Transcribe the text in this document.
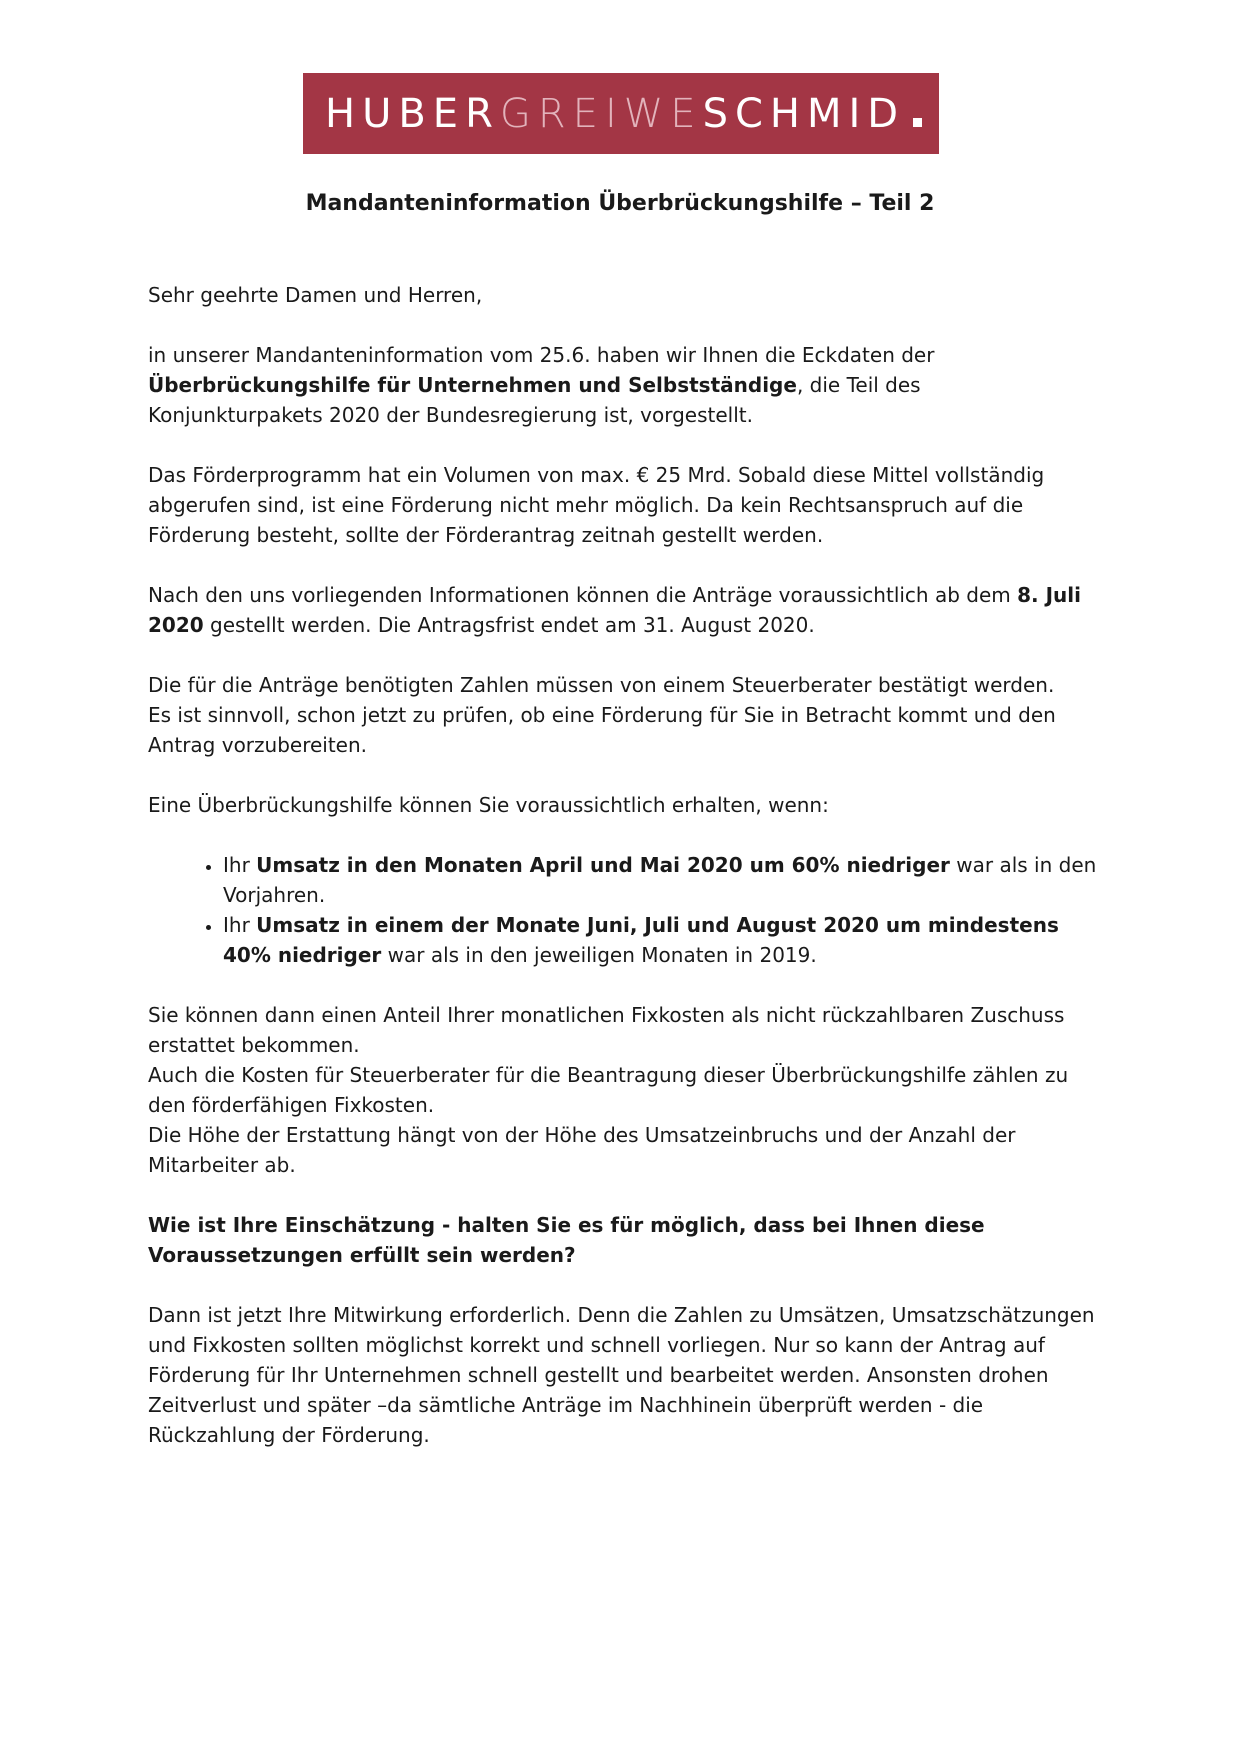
HUBERGREIWESCHMID
Mandanteninformation Überbrückungshilfe – Teil 2

Sehr geehrte Damen und Herren,

in unserer Mandanteninformation vom 25.6. haben wir Ihnen die Eckdaten der
Überbrückungshilfe für Unternehmen und Selbstständige, die Teil des Konjunkturpakets 2020 der Bundesregierung ist, vorgestellt.

Das Förderprogramm hat ein Volumen von max. € 25 Mrd. Sobald diese Mittel vollständig abgerufen sind, ist eine Förderung nicht mehr möglich. Da kein Rechtsanspruch auf die Förderung besteht, sollte der Förderantrag zeitnah gestellt werden.

Nach den uns vorliegenden Informationen können die Anträge voraussichtlich ab dem 8. Juli 2020 gestellt werden. Die Antragsfrist endet am 31. August 2020.

Die für die Anträge benötigten Zahlen müssen von einem Steuerberater bestätigt werden.
Es ist sinnvoll, schon jetzt zu prüfen, ob eine Förderung für Sie in Betracht kommt und den Antrag vorzubereiten.

Eine Überbrückungshilfe können Sie voraussichtlich erhalten, wenn:

• Ihr Umsatz in den Monaten April und Mai 2020 um 60% niedriger war als in den Vorjahren.
• Ihr Umsatz in einem der Monate Juni, Juli und August 2020 um mindestens 40% niedriger war als in den jeweiligen Monaten in 2019.

Sie können dann einen Anteil Ihrer monatlichen Fixkosten als nicht rückzahlbaren Zuschuss erstattet bekommen.
Auch die Kosten für Steuerberater für die Beantragung dieser Überbrückungshilfe zählen zu den förderfähigen Fixkosten.
Die Höhe der Erstattung hängt von der Höhe des Umsatzeinbruchs und der Anzahl der Mitarbeiter ab.

Wie ist Ihre Einschätzung - halten Sie es für möglich, dass bei Ihnen diese Voraussetzungen erfüllt sein werden?

Dann ist jetzt Ihre Mitwirkung erforderlich. Denn die Zahlen zu Umsätzen, Umsatzschätzungen und Fixkosten sollten möglichst korrekt und schnell vorliegen. Nur so kann der Antrag auf Förderung für Ihr Unternehmen schnell gestellt und bearbeitet werden. Ansonsten drohen Zeitverlust und später –da sämtliche Anträge im Nachhinein überprüft werden - die Rückzahlung der Förderung.
